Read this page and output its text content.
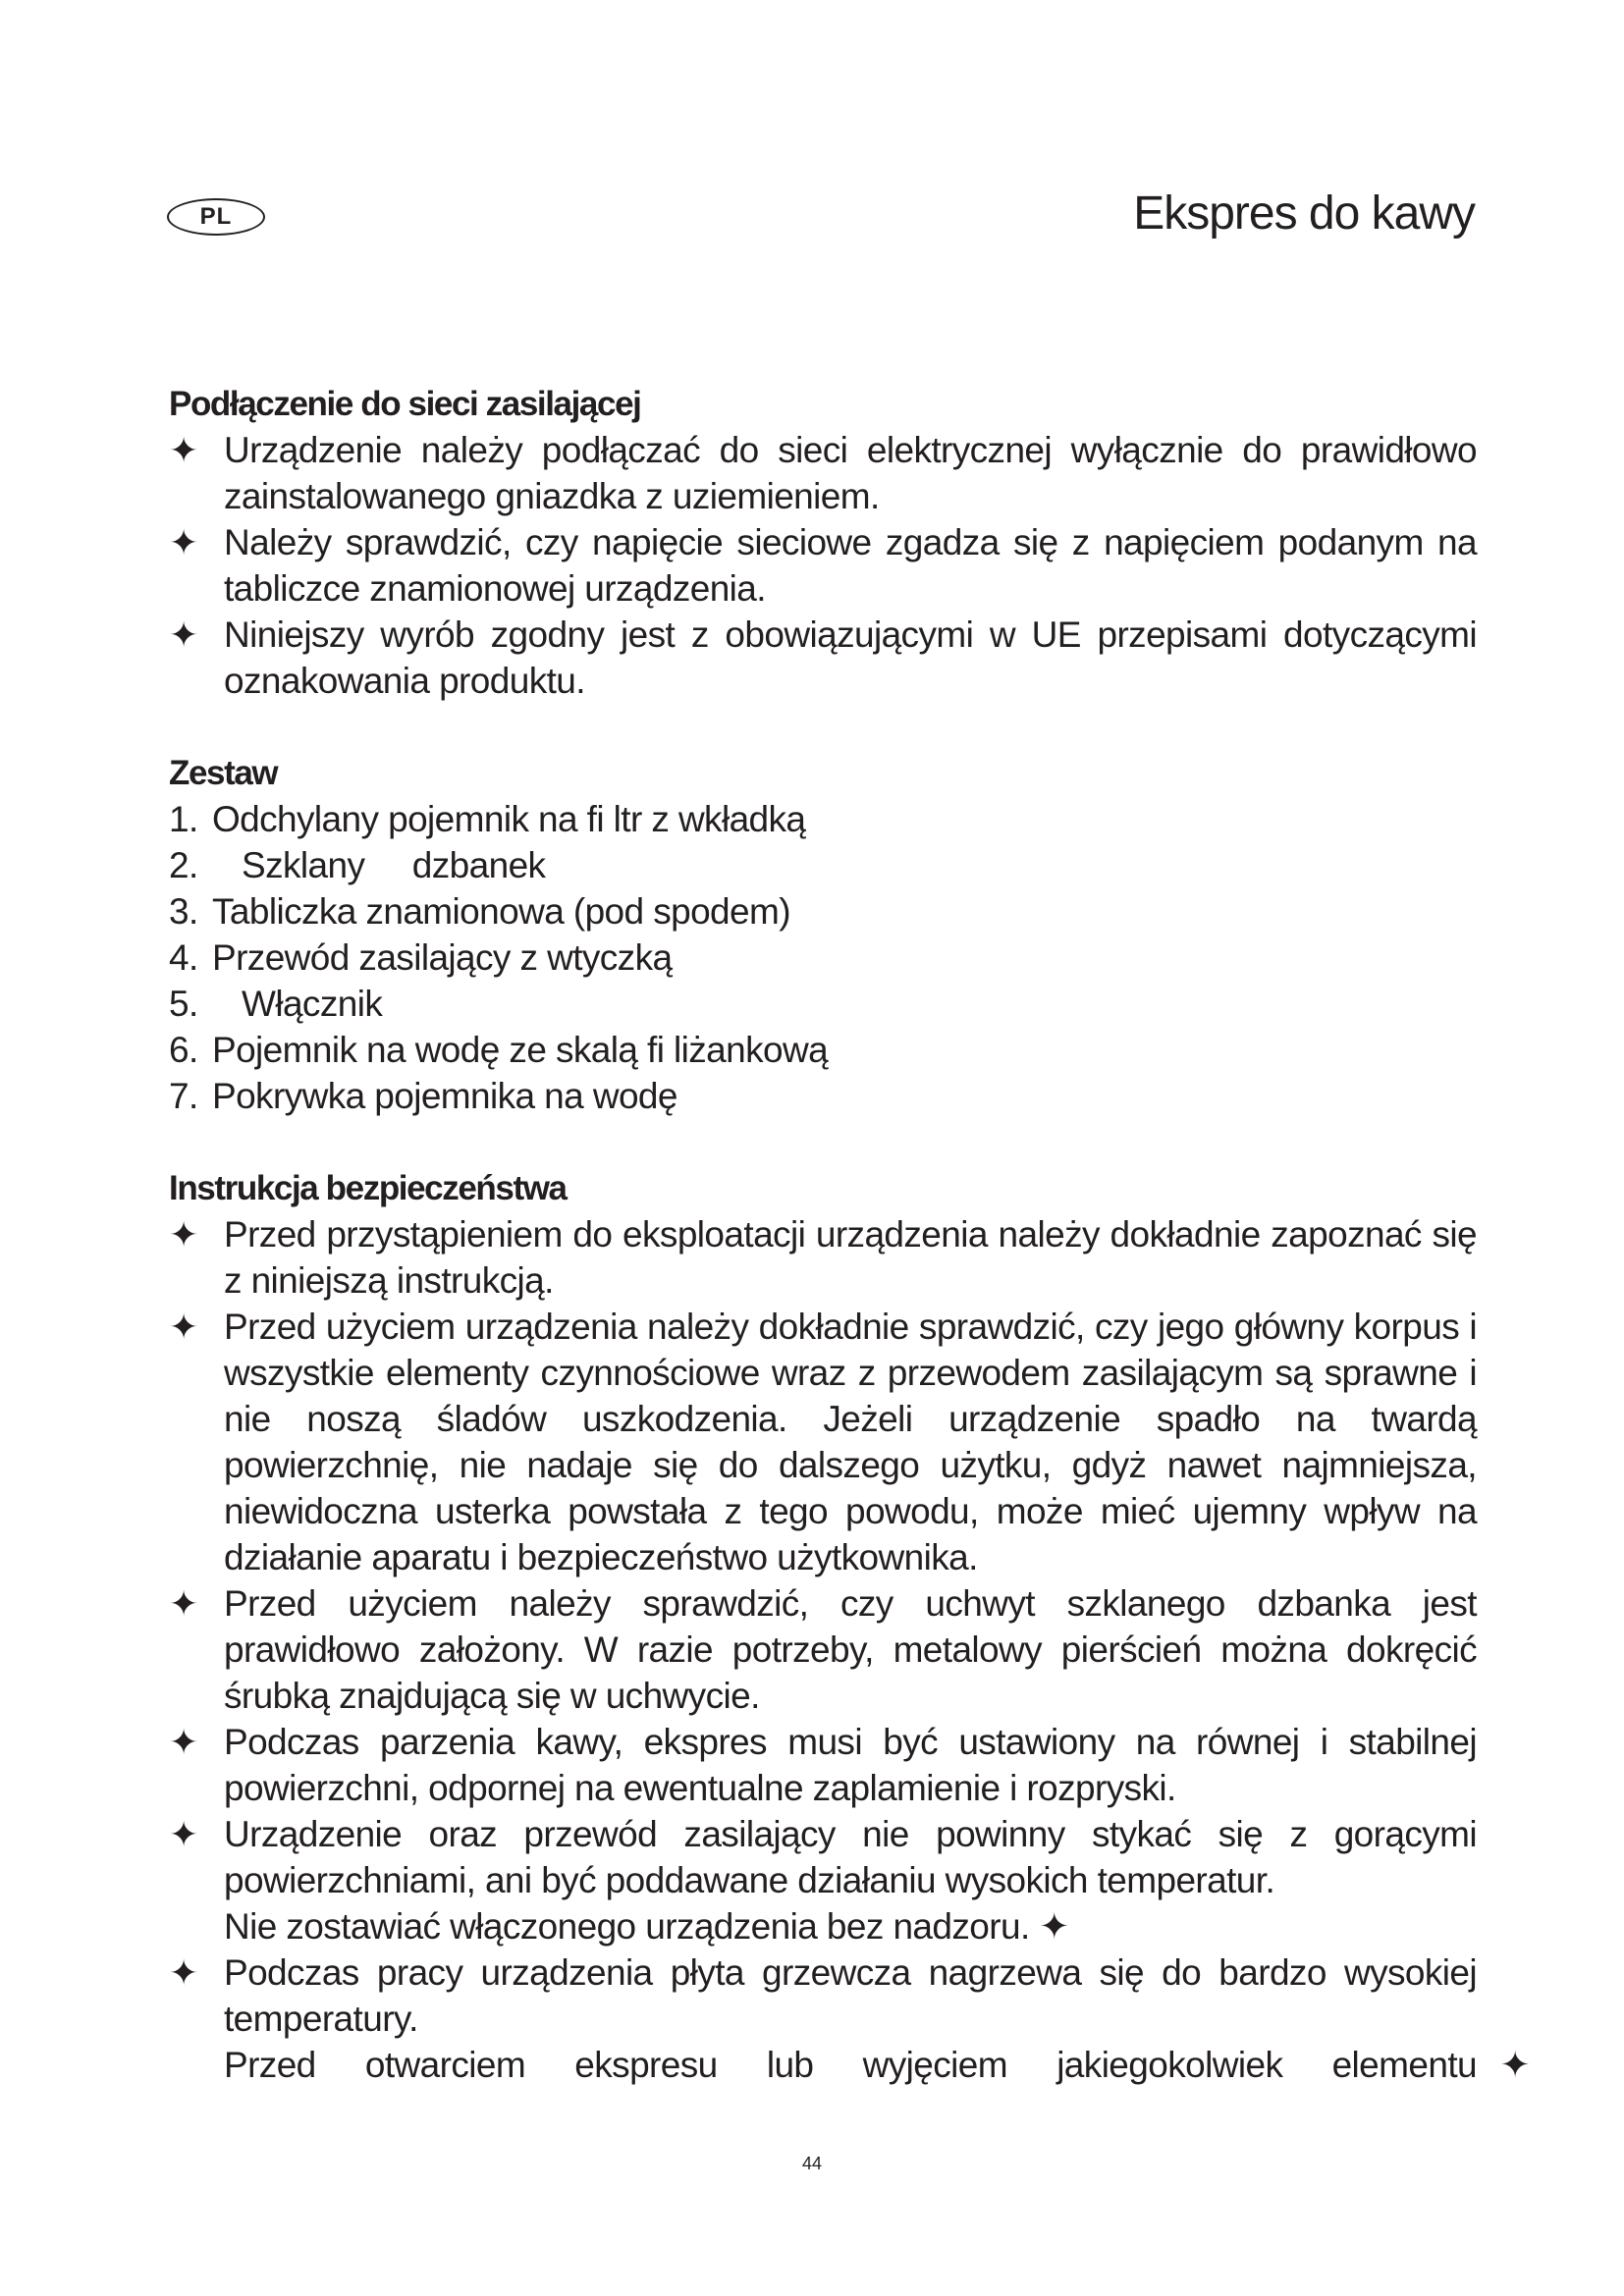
PL	Ekspres do kawy
Podłączenie do sieci zasilającej
✦ Urządzenie należy podłączać do sieci elektrycznej wyłącznie do prawidłowo zainstalowanego gniazdka z uziemieniem.
✦ Należy sprawdzić, czy napięcie sieciowe zgadza się z napięciem podanym na tabliczce znamionowej urządzenia.
✦ Niniejszy wyrób zgodny jest z obowiązującymi w UE przepisami dotyczącymi oznakowania produktu.
Zestaw
1. Odchylany pojemnik na fi ltr z wkładką
2.	Szklany     dzbanek
3. Tabliczka znamionowa (pod spodem)
4. Przewód zasilający z wtyczką
5.	Włącznik
6. Pojemnik na wodę ze skalą fi liżankową
7. Pokrywka pojemnika na wodę
Instrukcja bezpieczeństwa
✦ Przed przystąpieniem do eksploatacji urządzenia należy dokładnie zapoznać się z niniejszą instrukcją.
✦ Przed użyciem urządzenia należy dokładnie sprawdzić, czy jego główny korpus i wszystkie elementy czynnościowe wraz z przewodem zasilającym są sprawne i nie noszą śladów uszkodzenia. Jeżeli urządzenie spadło na twardą powierzchnię, nie nadaje się do dalszego użytku, gdyż nawet najmniejsza, niewidoczna usterka powstała z tego powodu, może mieć ujemny wpływ na działanie aparatu i bezpieczeństwo użytkownika.
✦ Przed użyciem należy sprawdzić, czy uchwyt szklanego dzbanka jest prawidłowo założony. W razie potrzeby, metalowy pierścień można dokręcić śrubką znajdującą się w uchwycie.
✦ Podczas parzenia kawy, ekspres musi być ustawiony na równej i stabilnej powierzchni, odpornej na ewentualne zaplamienie i rozpryski.
✦ Urządzenie oraz przewód zasilający nie powinny stykać się z gorącymi powierzchniami, ani być poddawane działaniu wysokich temperatur.
Nie zostawiać włączonego urządzenia bez nadzoru. ✦
✦ Podczas pracy urządzenia płyta grzewcza nagrzewa się do bardzo wysokiej temperatury.
Przed otwarciem ekspresu lub wyjęciem jakiegokolwiek elementu ✦
44
